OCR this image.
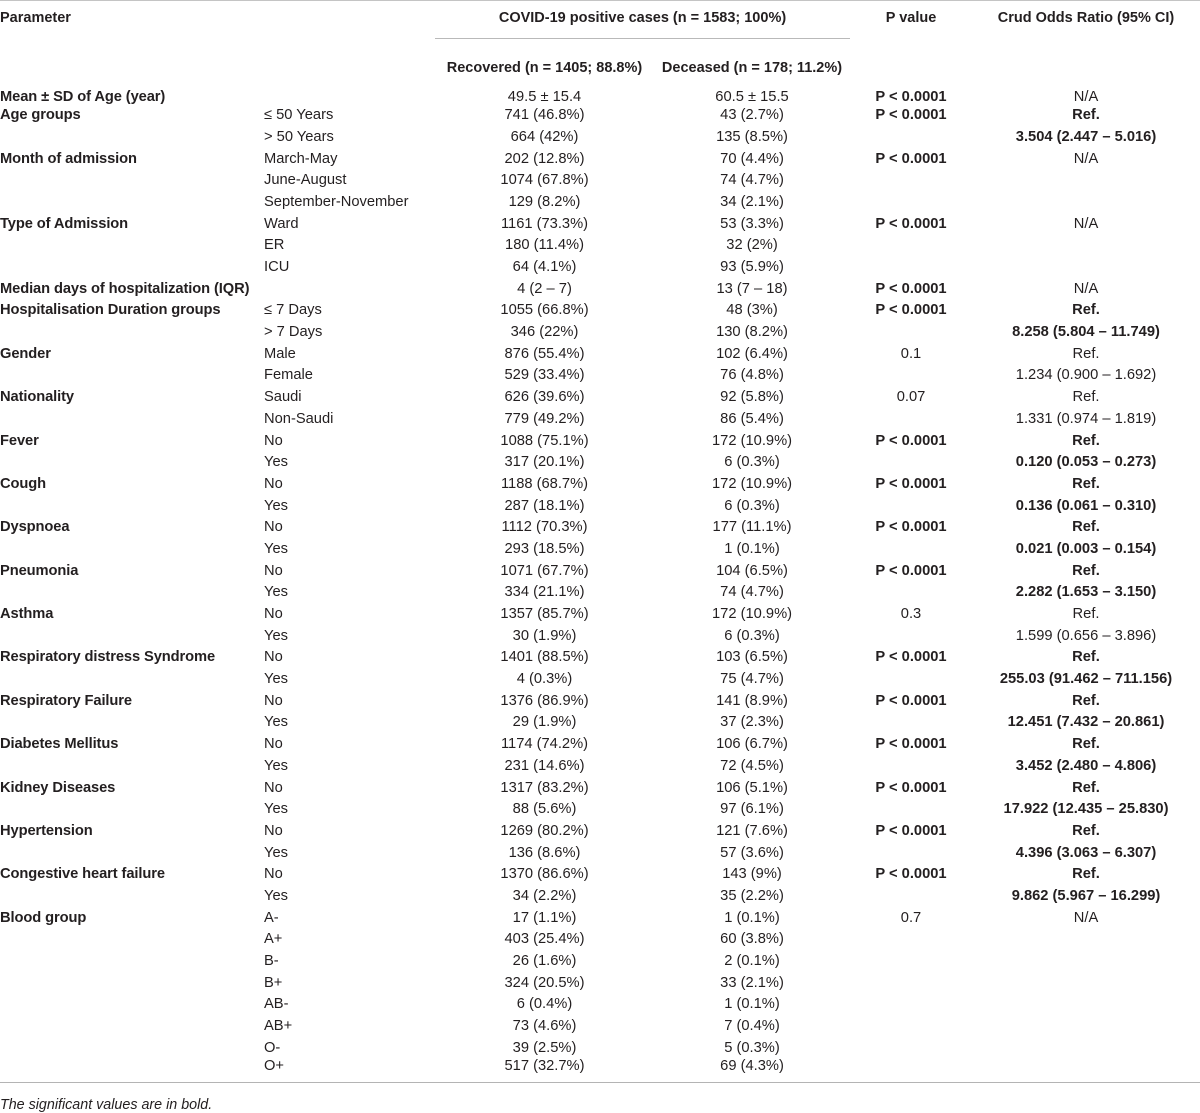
Parameter		COVID-19 positive cases (n = 1583; 100%)		P value	Crud Odds Ratio (95% CI)

		Recovered (n = 1405; 88.8%)	Deceased (n = 178; 11.2%)		
Mean ± SD of Age (year)		49.5 ± 15.4	60.5 ± 15.5	P < 0.0001	N/A
Age groups	≤ 50 Years	741 (46.8%)	43 (2.7%)	P < 0.0001	Ref.
	> 50 Years	664 (42%)	135 (8.5%)		3.504 (2.447 – 5.016)
Month of admission	March-May	202 (12.8%)	70 (4.4%)	P < 0.0001	N/A
	June-August	1074 (67.8%)	74 (4.7%)		
	September-November	129 (8.2%)	34 (2.1%)		
Type of Admission	Ward	1161 (73.3%)	53 (3.3%)	P < 0.0001	N/A
	ER	180 (11.4%)	32 (2%)		
	ICU	64 (4.1%)	93 (5.9%)		
Median days of hospitalization (IQR)		4 (2 – 7)	13 (7 – 18)	P < 0.0001	N/A
Hospitalisation Duration groups	≤ 7 Days	1055 (66.8%)	48 (3%)	P < 0.0001	Ref.
	> 7 Days	346 (22%)	130 (8.2%)		8.258 (5.804 – 11.749)
Gender	Male	876 (55.4%)	102 (6.4%)	0.1	Ref.
	Female	529 (33.4%)	76 (4.8%)		1.234 (0.900 – 1.692)
Nationality	Saudi	626 (39.6%)	92 (5.8%)	0.07	Ref.
	Non-Saudi	779 (49.2%)	86 (5.4%)		1.331 (0.974 – 1.819)
Fever	No	1088 (75.1%)	172 (10.9%)	P < 0.0001	Ref.
	Yes	317 (20.1%)	6 (0.3%)		0.120 (0.053 – 0.273)
Cough	No	1188 (68.7%)	172 (10.9%)	P < 0.0001	Ref.
	Yes	287 (18.1%)	6 (0.3%)		0.136 (0.061 – 0.310)
Dyspnoea	No	1112 (70.3%)	177 (11.1%)	P < 0.0001	Ref.
	Yes	293 (18.5%)	1 (0.1%)		0.021 (0.003 – 0.154)
Pneumonia	No	1071 (67.7%)	104 (6.5%)	P < 0.0001	Ref.
	Yes	334 (21.1%)	74 (4.7%)		2.282 (1.653 – 3.150)
Asthma	No	1357 (85.7%)	172 (10.9%)	0.3	Ref.
	Yes	30 (1.9%)	6 (0.3%)		1.599 (0.656 – 3.896)
Respiratory distress Syndrome	No	1401 (88.5%)	103 (6.5%)	P < 0.0001	Ref.
	Yes	4 (0.3%)	75 (4.7%)		255.03 (91.462 – 711.156)
Respiratory Failure	No	1376 (86.9%)	141 (8.9%)	P < 0.0001	Ref.
	Yes	29 (1.9%)	37 (2.3%)		12.451 (7.432 – 20.861)
Diabetes Mellitus	No	1174 (74.2%)	106 (6.7%)	P < 0.0001	Ref.
	Yes	231 (14.6%)	72 (4.5%)		3.452 (2.480 – 4.806)
Kidney Diseases	No	1317 (83.2%)	106 (5.1%)	P < 0.0001	Ref.
	Yes	88 (5.6%)	97 (6.1%)		17.922 (12.435 – 25.830)
Hypertension	No	1269 (80.2%)	121 (7.6%)	P < 0.0001	Ref.
	Yes	136 (8.6%)	57 (3.6%)		4.396 (3.063 – 6.307)
Congestive heart failure	No	1370 (86.6%)	143 (9%)	P < 0.0001	Ref.
	Yes	34 (2.2%)	35 (2.2%)		9.862 (5.967 – 16.299)
Blood group	A-	17 (1.1%)	1 (0.1%)	0.7	N/A
	A+	403 (25.4%)	60 (3.8%)		
	B-	26 (1.6%)	2 (0.1%)		
	B+	324 (20.5%)	33 (2.1%)		
	AB-	6 (0.4%)	1 (0.1%)		
	AB+	73 (4.6%)	7 (0.4%)		
	O-	39 (2.5%)	5 (0.3%)		
	O+	517 (32.7%)	69 (4.3%)		
The significant values are in bold.
